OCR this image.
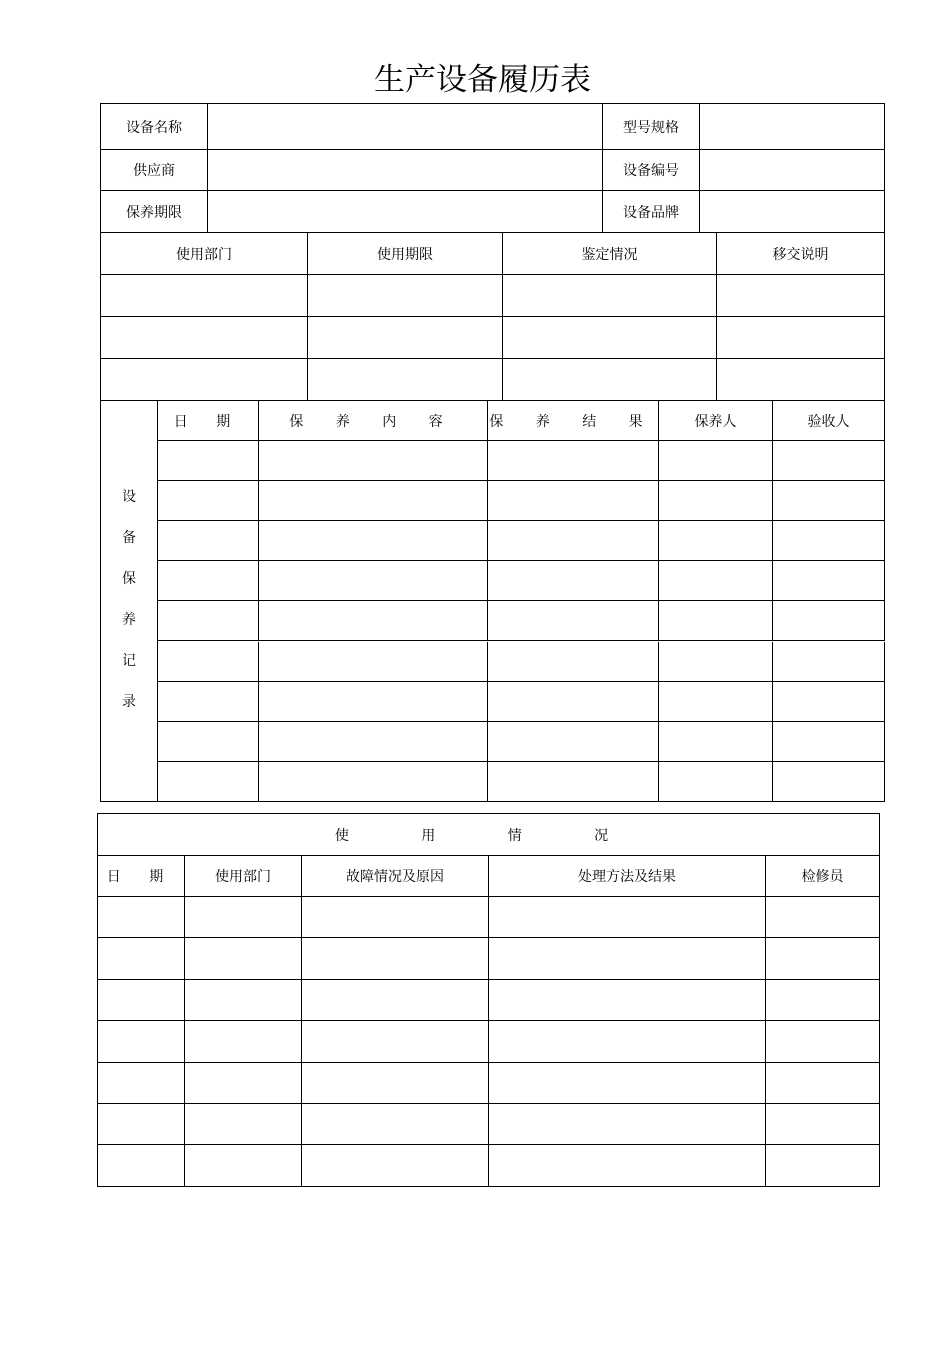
生产设备履历表
设备名称	型号规格
供应商	设备编号
保养期限	设备品牌
使用部门	使用期限	鉴定情况	移交说明
设
备
保
养
记
录
日 期	保 养 内 容	保 养 结 果	保养人	验收人
使 用 情 况
日 期	使用部门	故障情况及原因	处理方法及结果	检修员
